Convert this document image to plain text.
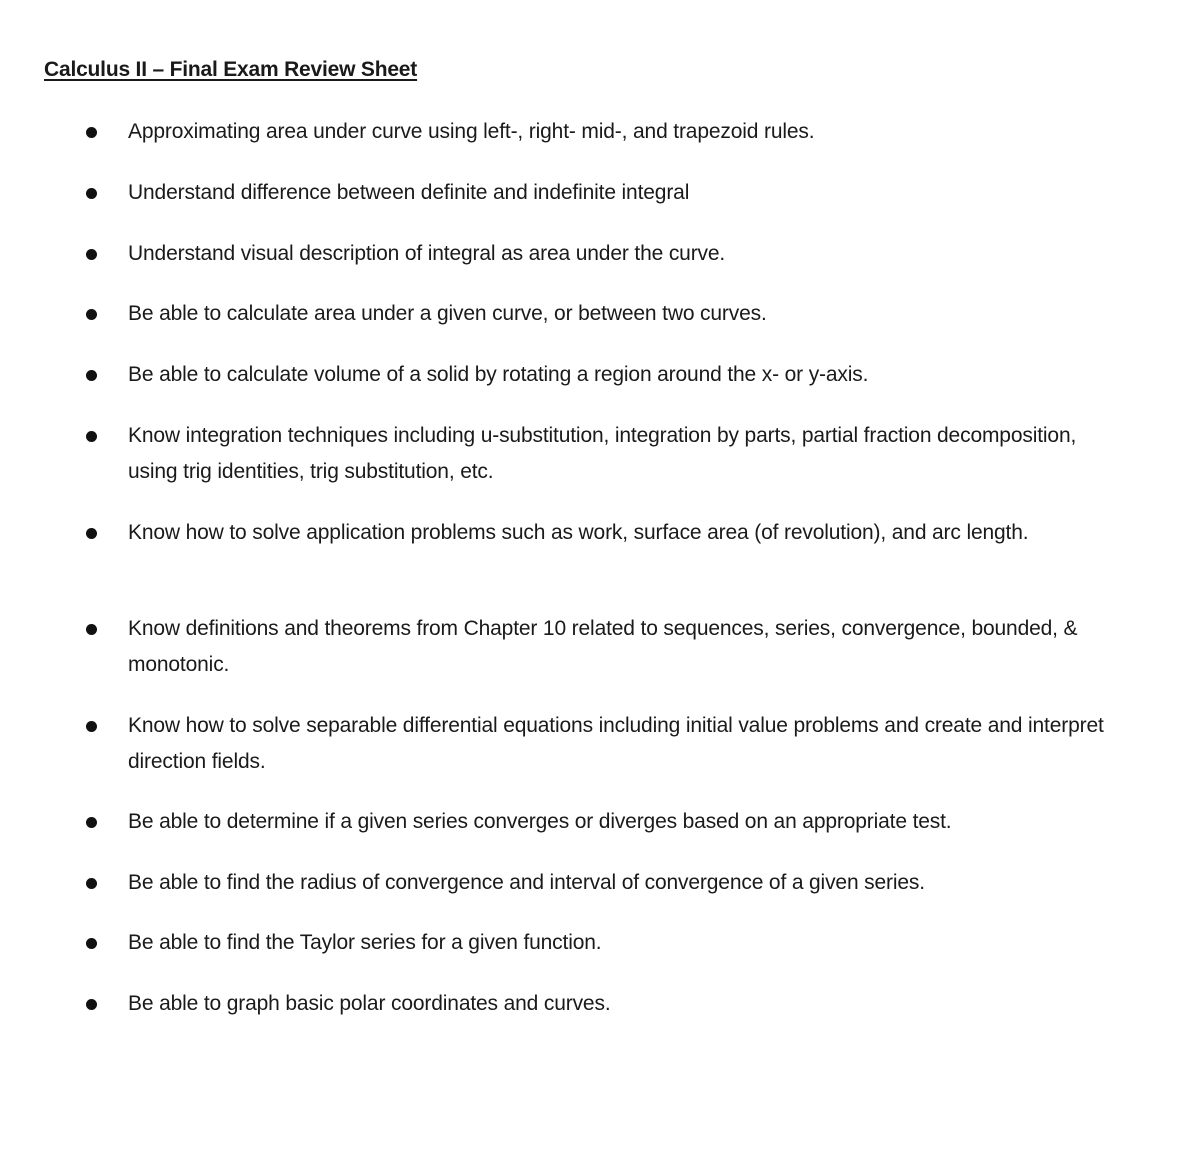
Calculus II – Final Exam Review Sheet
Approximating area under curve using left-, right- mid-, and trapezoid rules.
Understand difference between definite and indefinite integral
Understand visual description of integral as area under the curve.
Be able to calculate area under a given curve, or between two curves.
Be able to calculate volume of a solid by rotating a region around the x- or y-axis.
Know integration techniques including u-substitution, integration by parts, partial fraction decomposition, using trig identities, trig substitution, etc.
Know how to solve application problems such as work, surface area (of revolution), and arc length.
Know definitions and theorems from Chapter 10 related to sequences, series, convergence, bounded, & monotonic.
Know how to solve separable differential equations including initial value problems and create and interpret direction fields.
Be able to determine if a given series converges or diverges based on an appropriate test.
Be able to find the radius of convergence and interval of convergence of a given series.
Be able to find the Taylor series for a given function.
Be able to graph basic polar coordinates and curves.
